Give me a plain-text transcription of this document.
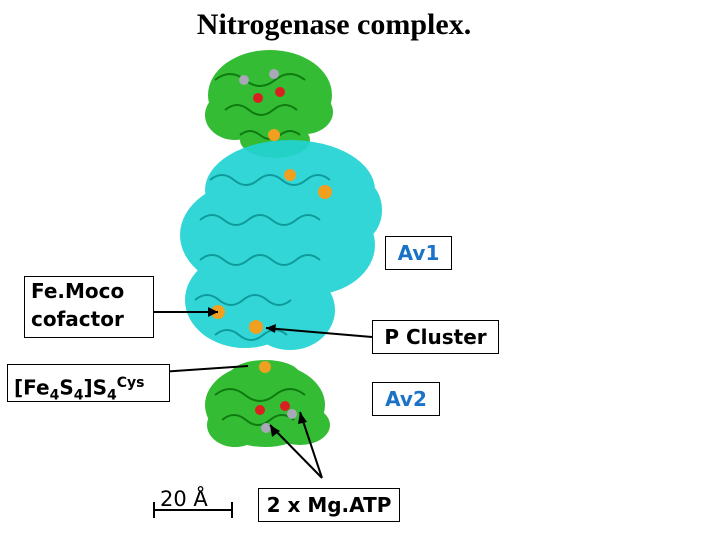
Nitrogenase complex.
Av1
Fe.Moco
cofactor
P Cluster
$[Fe_4S_4]S_4^{Cys}$
Av2
2 x Mg.ATP
20 Å
